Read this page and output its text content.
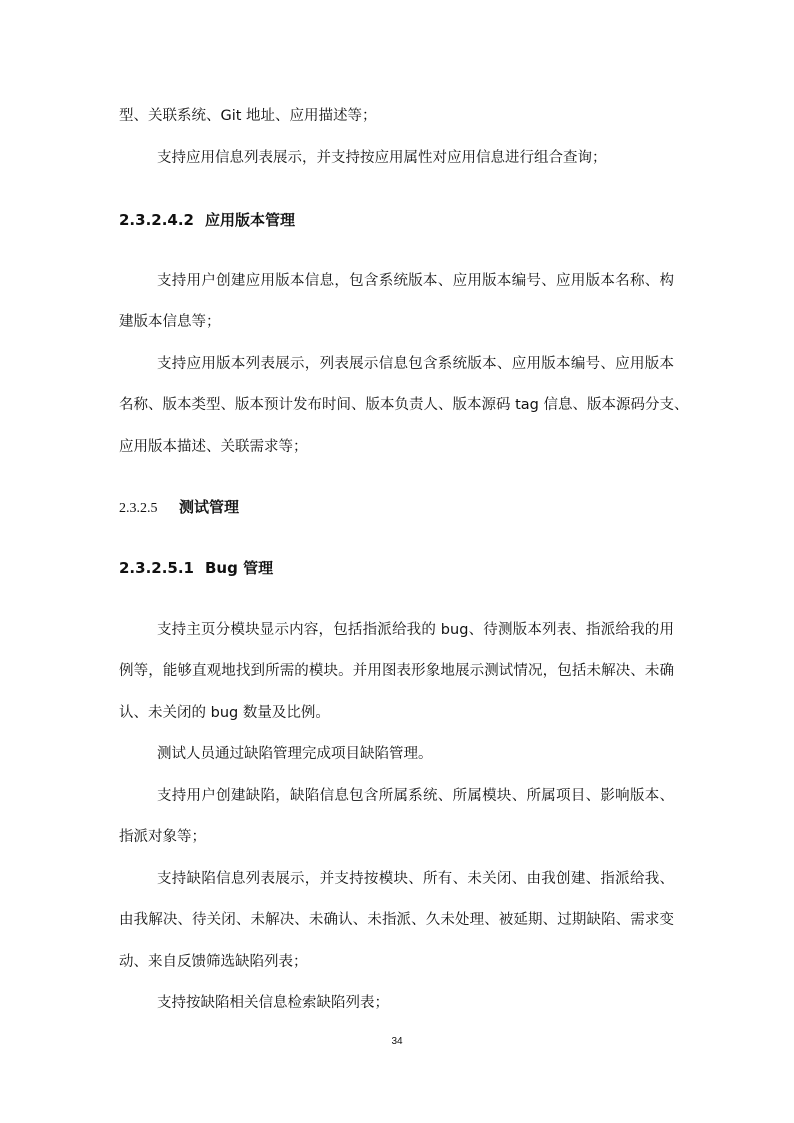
型、关联系统、Git 地址、应用描述等；
支持应用信息列表展示，并支持按应用属性对应用信息进行组合查询；
2.3.2.4.2 应用版本管理
支持用户创建应用版本信息，包含系统版本、应用版本编号、应用版本名称、构
建版本信息等；
支持应用版本列表展示，列表展示信息包含系统版本、应用版本编号、应用版本
名称、版本类型、版本预计发布时间、版本负责人、版本源码 tag 信息、版本源码分支、
应用版本描述、关联需求等；
2.3.2.5 测试管理
2.3.2.5.1 Bug 管理
支持主页分模块显示内容，包括指派给我的 bug、待测版本列表、指派给我的用
例等，能够直观地找到所需的模块。并用图表形象地展示测试情况，包括未解决、未确
认、未关闭的 bug 数量及比例。
测试人员通过缺陷管理完成项目缺陷管理。
支持用户创建缺陷，缺陷信息包含所属系统、所属模块、所属项目、影响版本、
指派对象等；
支持缺陷信息列表展示，并支持按模块、所有、未关闭、由我创建、指派给我、
由我解决、待关闭、未解决、未确认、未指派、久未处理、被延期、过期缺陷、需求变
动、来自反馈筛选缺陷列表；
支持按缺陷相关信息检索缺陷列表；
34
